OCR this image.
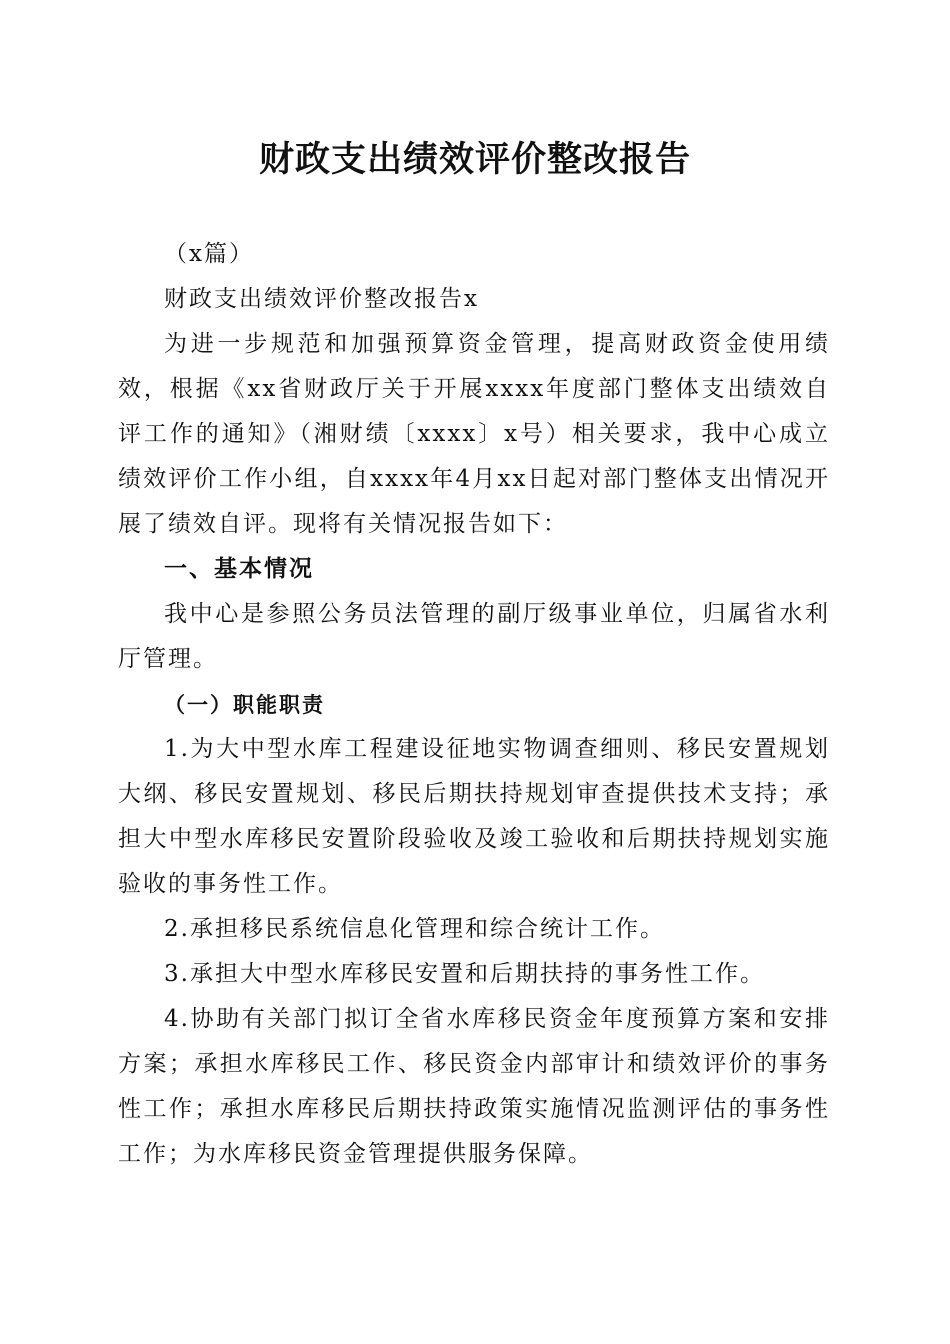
财政支出绩效评价整改报告

（x篇）

财政支出绩效评价整改报告x

为进一步规范和加强预算资金管理，提高财政资金使用绩效，根据《xx省财政厅关于开展xxxx年度部门整体支出绩效自评工作的通知》（湘财绩〔xxxx〕x号）相关要求，我中心成立绩效评价工作小组，自xxxx年4月xx日起对部门整体支出情况开展了绩效自评。现将有关情况报告如下：

一、基本情况

我中心是参照公务员法管理的副厅级事业单位，归属省水利厅管理。

（一）职能职责

1.为大中型水库工程建设征地实物调查细则、移民安置规划大纲、移民安置规划、移民后期扶持规划审查提供技术支持；承担大中型水库移民安置阶段验收及竣工验收和后期扶持规划实施验收的事务性工作。

2.承担移民系统信息化管理和综合统计工作。

3.承担大中型水库移民安置和后期扶持的事务性工作。

4.协助有关部门拟订全省水库移民资金年度预算方案和安排方案；承担水库移民工作、移民资金内部审计和绩效评价的事务性工作；承担水库移民后期扶持政策实施情况监测评估的事务性工作；为水库移民资金管理提供服务保障。
